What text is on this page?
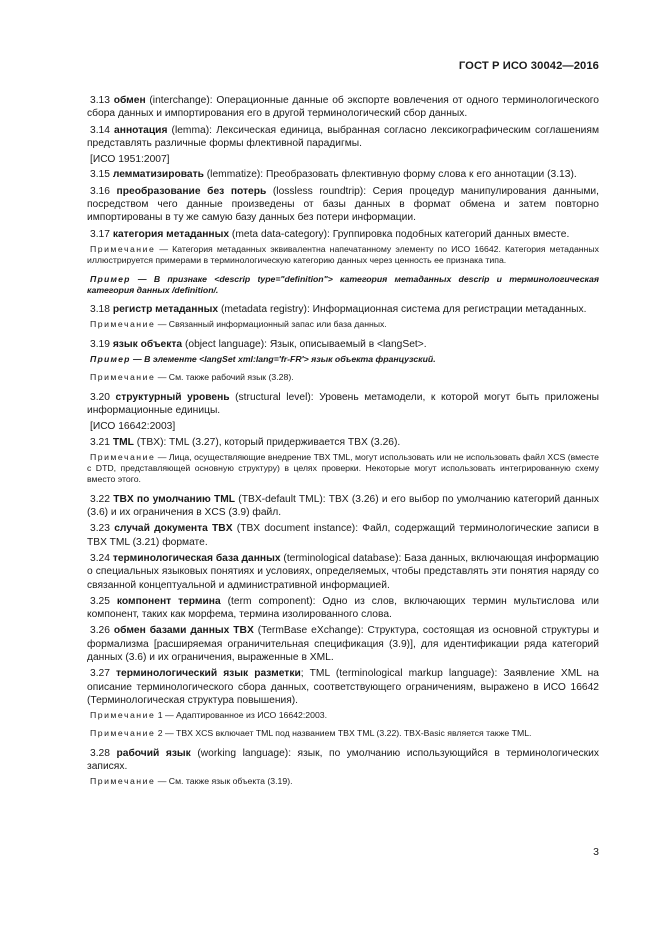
ГОСТ Р ИСО 30042—2016
3.13 обмен (interchange): Операционные данные об экспорте вовлечения от одного терминологического сбора данных и импортирования его в другой терминологический сбор данных.
3.14 аннотация (lemma): Лексическая единица, выбранная согласно лексикографическим соглашениям представлять различные формы флективной парадигмы.
[ИСО 1951:2007]
3.15 лемматизировать (lemmatize): Преобразовать флективную форму слова к его аннотации (3.13).
3.16 преобразование без потерь (lossless roundtrip): Серия процедур манипулирования данными, посредством чего данные произведены от базы данных в формат обмена и затем повторно импортированы в ту же самую базу данных без потери информации.
3.17 категория метаданных (meta data-category): Группировка подобных категорий данных вместе.
Примечание — Категория метаданных эквивалентна напечатанному элементу по ИСО 16642. Категория метаданных иллюстрируется примерами в терминологическую категорию данных через ценность ее признака типа.
Пример — В признаке <descrip type="definition"> категория метаданных descrip и терминологическая категория данных /definition/.
3.18 регистр метаданных (metadata registry): Информационная система для регистрации метаданных.
Примечание — Связанный информационный запас или база данных.
3.19 язык объекта (object language): Язык, описываемый в <langSet>.
Пример — В элементе <langSet xml:lang='fr-FR'> язык объекта французский.
Примечание — См. также рабочий язык (3.28).
3.20 структурный уровень (structural level): Уровень метамодели, к которой могут быть приложены информационные единицы.
[ИСО 16642:2003]
3.21 TML (TBX): TML (3.27), который придерживается TBX (3.26).
Примечание — Лица, осуществляющие внедрение TBX TML, могут использовать или не использовать файл XCS (вместе с DTD, представляющей основную структуру) в целях проверки. Некоторые могут использовать интегрированную схему вместо этого.
3.22 TBX по умолчанию TML (TBX-default TML): TBX (3.26) и его выбор по умолчанию категорий данных (3.6) и их ограничения в XCS (3.9) файл.
3.23 случай документа TBX (TBX document instance): Файл, содержащий терминологические записи в TBX TML (3.21) формате.
3.24 терминологическая база данных (terminological database): База данных, включающая информацию о специальных языковых понятиях и условиях, определяемых, чтобы представлять эти понятия наряду со связанной концептуальной и административной информацией.
3.25 компонент термина (term component): Одно из слов, включающих термин мультислова или компонент, таких как морфема, термина изолированного слова.
3.26 обмен базами данных TBX (TermBase eXchange): Структура, состоящая из основной структуры и формализма [расширяемая ограничительная спецификация (3.9)], для идентификации ряда категорий данных (3.6) и их ограничения, выраженные в XML.
3.27 терминологический язык разметки; TML (terminological markup language): Заявление XML на описание терминологического сбора данных, соответствующего ограничениям, выражено в ИСО 16642 (Терминологическая структура повышения).
Примечание 1 — Адаптированное из ИСО 16642:2003.
Примечание 2 — TBX XCS включает TML под названием TBX TML (3.22). TBX-Basic является также TML.
3.28 рабочий язык (working language): язык, по умолчанию использующийся в терминологических записях.
Примечание — См. также язык объекта (3.19).
3
